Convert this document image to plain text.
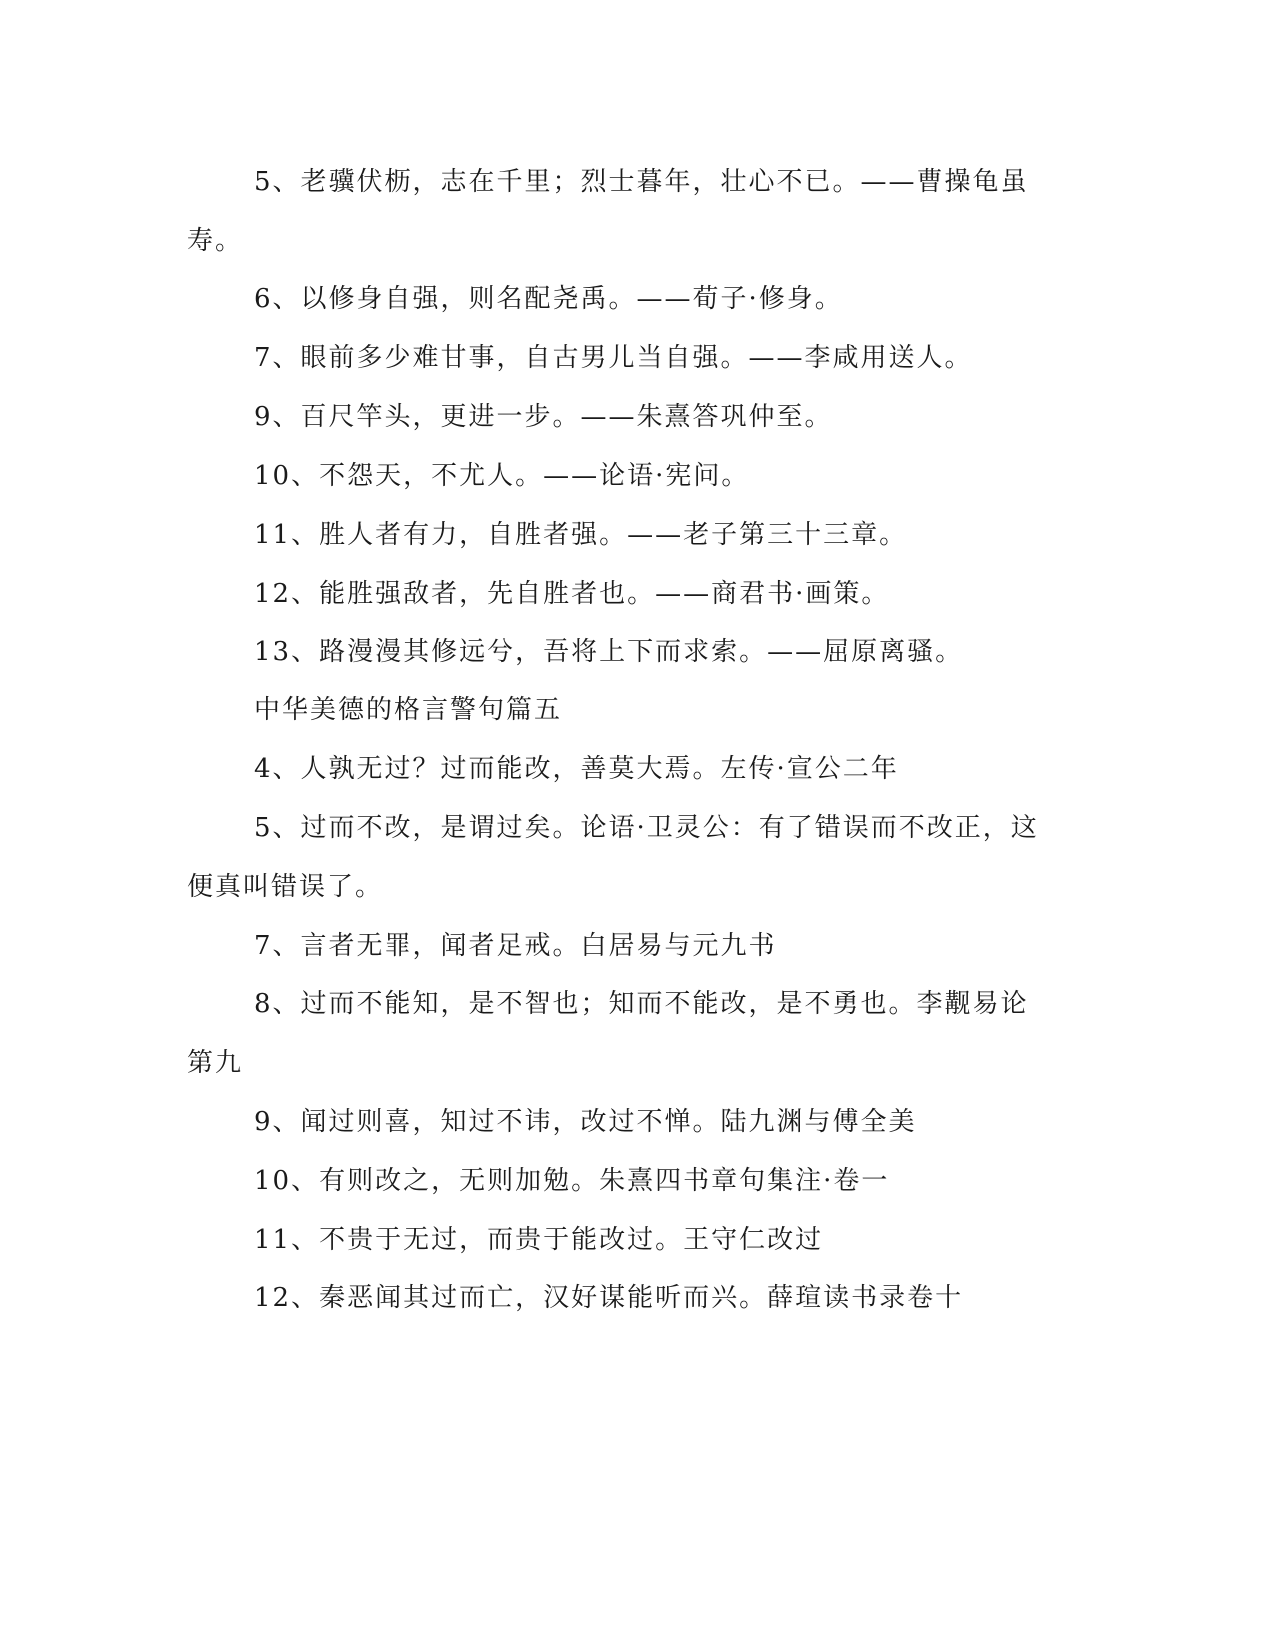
5、老骥伏枥，志在千里；烈士暮年，壮心不已。——曹操龟虽
寿。
6、以修身自强，则名配尧禹。——荀子·修身。
7、眼前多少难甘事，自古男儿当自强。——李咸用送人。
9、百尺竿头，更进一步。——朱熹答巩仲至。
10、不怨天，不尤人。——论语·宪问。
11、胜人者有力，自胜者强。——老子第三十三章。
12、能胜强敌者，先自胜者也。——商君书·画策。
13、路漫漫其修远兮，吾将上下而求索。——屈原离骚。
中华美德的格言警句篇五
4、人孰无过？过而能改，善莫大焉。左传·宣公二年
5、过而不改，是谓过矣。论语·卫灵公：有了错误而不改正，这
便真叫错误了。
7、言者无罪，闻者足戒。白居易与元九书
8、过而不能知，是不智也；知而不能改，是不勇也。李觏易论
第九
9、闻过则喜，知过不讳，改过不惮。陆九渊与傅全美
10、有则改之，无则加勉。朱熹四书章句集注·卷一
11、不贵于无过，而贵于能改过。王守仁改过
12、秦恶闻其过而亡，汉好谋能听而兴。薛瑄读书录卷十
